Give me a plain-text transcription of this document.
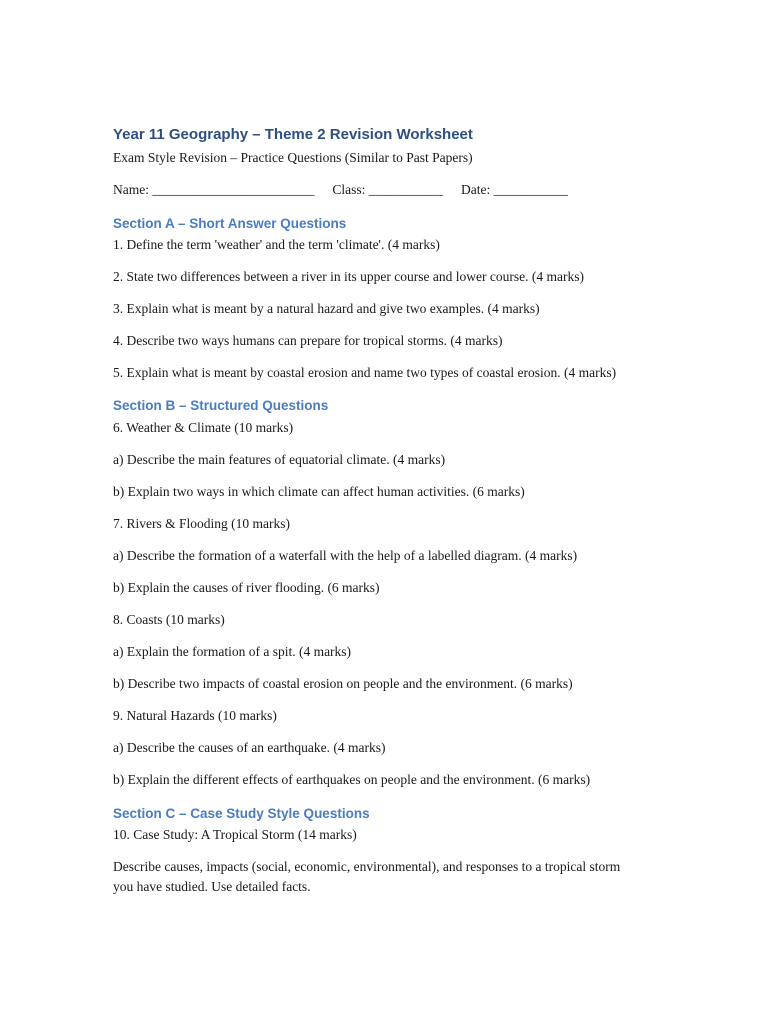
Year 11 Geography – Theme 2 Revision Worksheet

Exam Style Revision – Practice Questions (Similar to Past Papers)

Name: ________________________ Class: ___________ Date: ___________
Section A – Short Answer Questions

1. Define the term 'weather' and the term 'climate'. (4 marks)

2. State two differences between a river in its upper course and lower course. (4 marks)

3. Explain what is meant by a natural hazard and give two examples. (4 marks)

4. Describe two ways humans can prepare for tropical storms. (4 marks)

5. Explain what is meant by coastal erosion and name two types of coastal erosion. (4 marks)

Section B – Structured Questions

6. Weather & Climate (10 marks)

a) Describe the main features of equatorial climate. (4 marks)

b) Explain two ways in which climate can affect human activities. (6 marks)

7. Rivers & Flooding (10 marks)

a) Describe the formation of a waterfall with the help of a labelled diagram. (4 marks)

b) Explain the causes of river flooding. (6 marks)

8. Coasts (10 marks)

a) Explain the formation of a spit. (4 marks)

b) Describe two impacts of coastal erosion on people and the environment. (6 marks)

9. Natural Hazards (10 marks)

a) Describe the causes of an earthquake. (4 marks)

b) Explain the different effects of earthquakes on people and the environment. (6 marks)

Section C – Case Study Style Questions

10. Case Study: A Tropical Storm (14 marks)

Describe causes, impacts (social, economic, environmental), and responses to a tropical storm you have studied. Use detailed facts.
